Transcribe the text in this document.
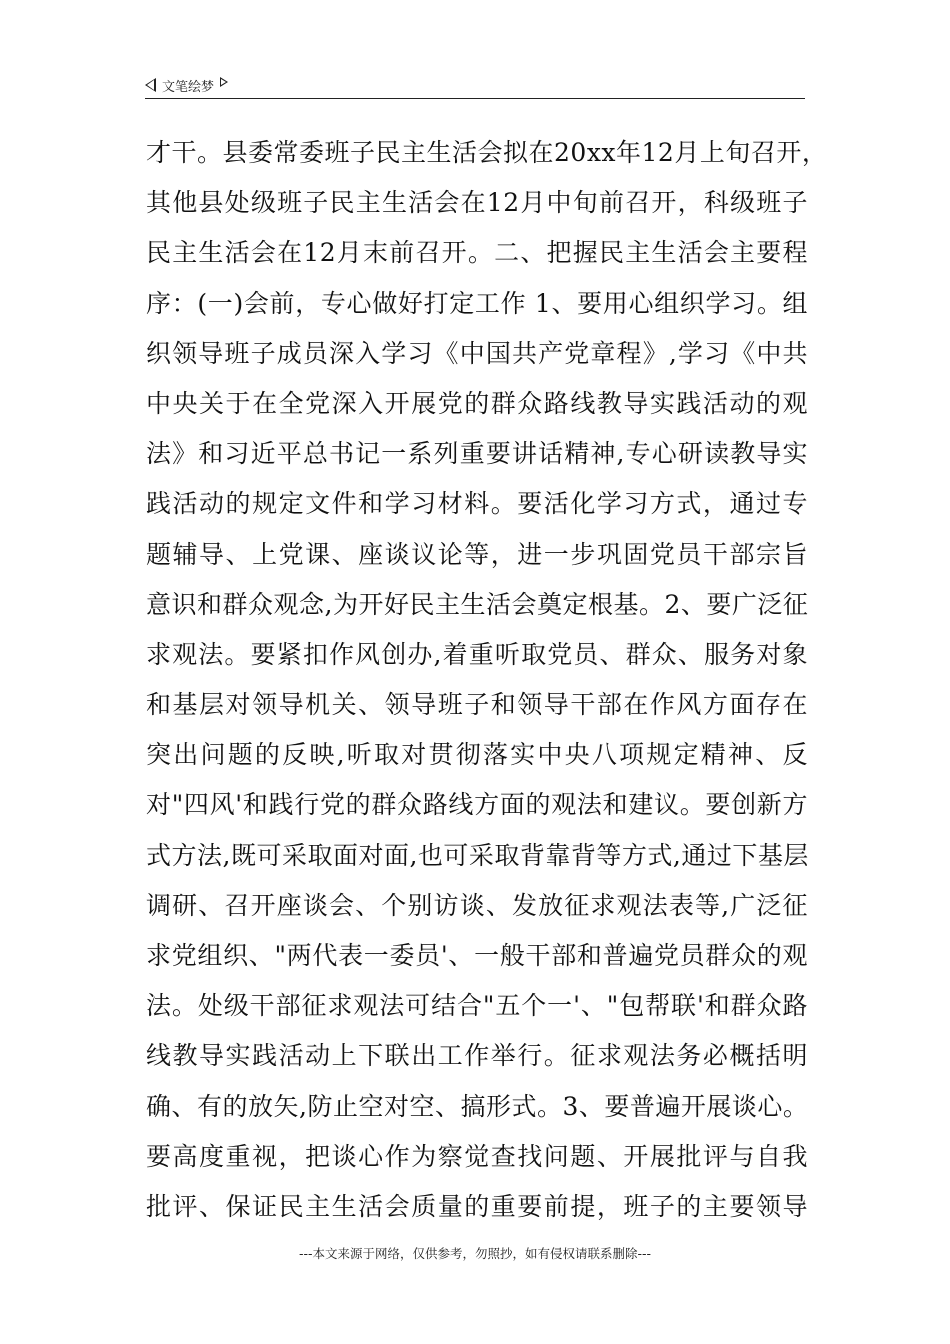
文笔绘梦
才干。县委常委班子民主生活会拟在20xx年12月上旬召开，
其他县处级班子民主生活会在12月中旬前召开，科级班子
民主生活会在12月末前召开。二、把握民主生活会主要程
序：(一)会前，专心做好打定工作 1、要用心组织学习。组
织领导班子成员深入学习《中国共产党章程》,学习《中共
中央关于在全党深入开展党的群众路线教导实践活动的观
法》和习近平总书记一系列重要讲话精神,专心研读教导实
践活动的规定文件和学习材料。要活化学习方式，通过专
题辅导、上党课、座谈议论等，进一步巩固党员干部宗旨
意识和群众观念,为开好民主生活会奠定根基。2、要广泛征
求观法。要紧扣作风创办,着重听取党员、群众、服务对象
和基层对领导机关、领导班子和领导干部在作风方面存在
突出问题的反映,听取对贯彻落实中央八项规定精神、反
对"四风'和践行党的群众路线方面的观法和建议。要创新方
式方法,既可采取面对面,也可采取背靠背等方式,通过下基层
调研、召开座谈会、个别访谈、发放征求观法表等,广泛征
求党组织、"两代表一委员'、一般干部和普遍党员群众的观
法。处级干部征求观法可结合"五个一'、"包帮联'和群众路
线教导实践活动上下联出工作举行。征求观法务必概括明
确、有的放矢,防止空对空、搞形式。3、要普遍开展谈心。
要高度重视，把谈心作为察觉查找问题、开展批评与自我
批评、保证民主生活会质量的重要前提，班子的主要领导
---本文来源于网络，仅供参考，勿照抄，如有侵权请联系删除---
